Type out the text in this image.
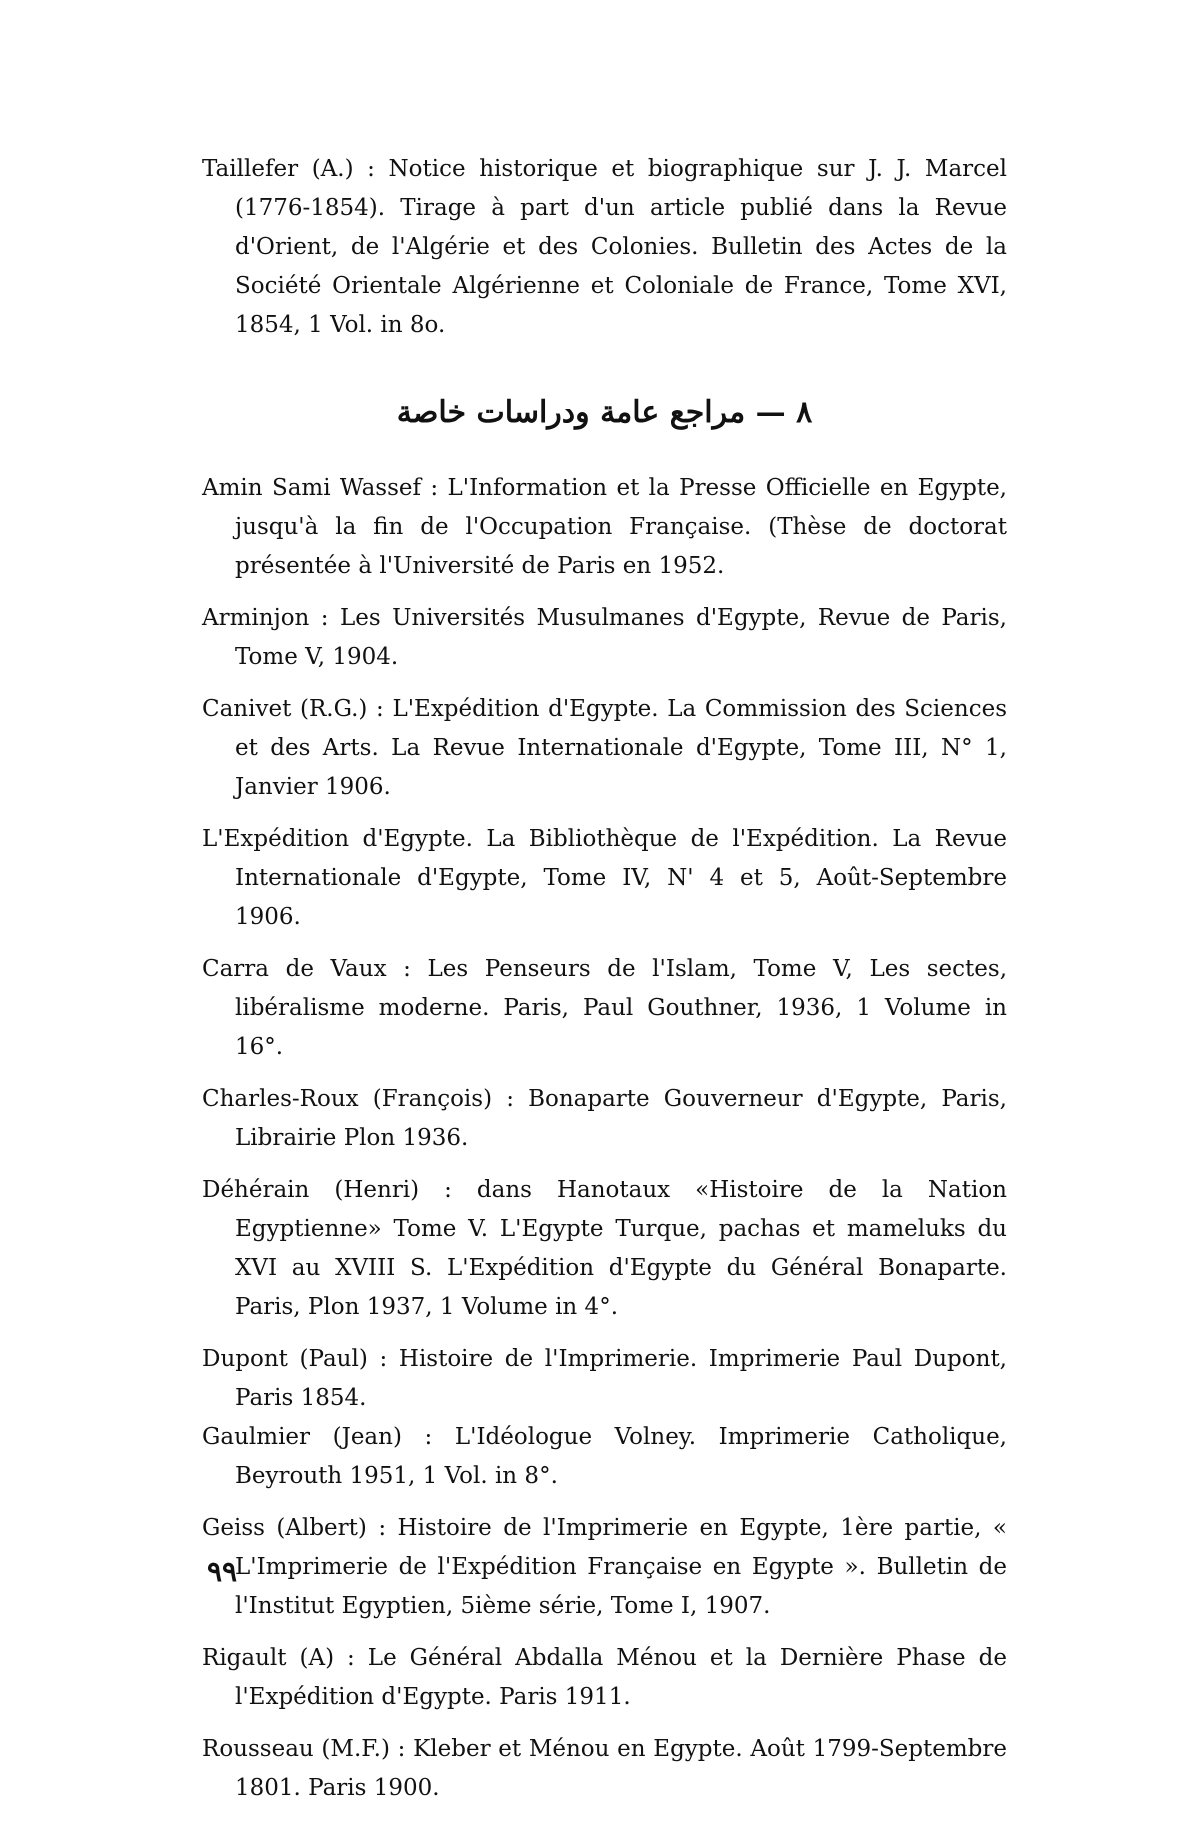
Taillefer (A.) : Notice historique et biographique sur J. J. Marcel (1776-1854). Tirage à part d'un article publié dans la Revue d'Orient, de l'Algérie et des Colonies. Bulletin des Actes de la Société Orientale Algérienne et Coloniale de France, Tome XVI, 1854, 1 Vol. in 8o.

٨ — مراجع عامة ودراسات خاصة

Amin Sami Wassef : L'Information et la Presse Officielle en Egypte, jusqu'à la fin de l'Occupation Française. (Thèse de doctorat présentée à l'Université de Paris en 1952.

Arminjon : Les Universités Musulmanes d'Egypte, Revue de Paris, Tome V, 1904.

Canivet (R.G.) : L'Expédition d'Egypte. La Commission des Sciences et des Arts. La Revue Internationale d'Egypte, Tome III, N° 1, Janvier 1906.

L'Expédition d'Egypte. La Bibliothèque de l'Expédition. La Revue Internationale d'Egypte, Tome IV, N' 4 et 5, Août-Septembre 1906.

Carra de Vaux : Les Penseurs de l'Islam, Tome V, Les sectes, libéralisme moderne. Paris, Paul Gouthner, 1936, 1 Volume in 16°.

Charles-Roux (François) : Bonaparte Gouverneur d'Egypte, Paris, Librairie Plon 1936.

Déhérain (Henri) : dans Hanotaux «Histoire de la Nation Egyptienne» Tome V. L'Egypte Turque, pachas et mameluks du XVI au XVIII S. L'Expédition d'Egypte du Général Bonaparte. Paris, Plon 1937, 1 Volume in 4°.

Dupont (Paul) : Histoire de l'Imprimerie. Imprimerie Paul Dupont, Paris 1854.

Gaulmier (Jean) : L'Idéologue Volney. Imprimerie Catholique, Beyrouth 1951, 1 Vol. in 8°.

Geiss (Albert) : Histoire de l'Imprimerie en Egypte, 1ère partie, « L'Imprimerie de l'Expédition Française en Egypte ». Bulletin de l'Institut Egyptien, 5ième série, Tome I, 1907.

Rigault (A) : Le Général Abdalla Ménou et la Dernière Phase de l'Expédition d'Egypte. Paris 1911.

Rousseau (M.F.) : Kleber et Ménou en Egypte. Août 1799-Septembre 1801. Paris 1900.

٩٩
